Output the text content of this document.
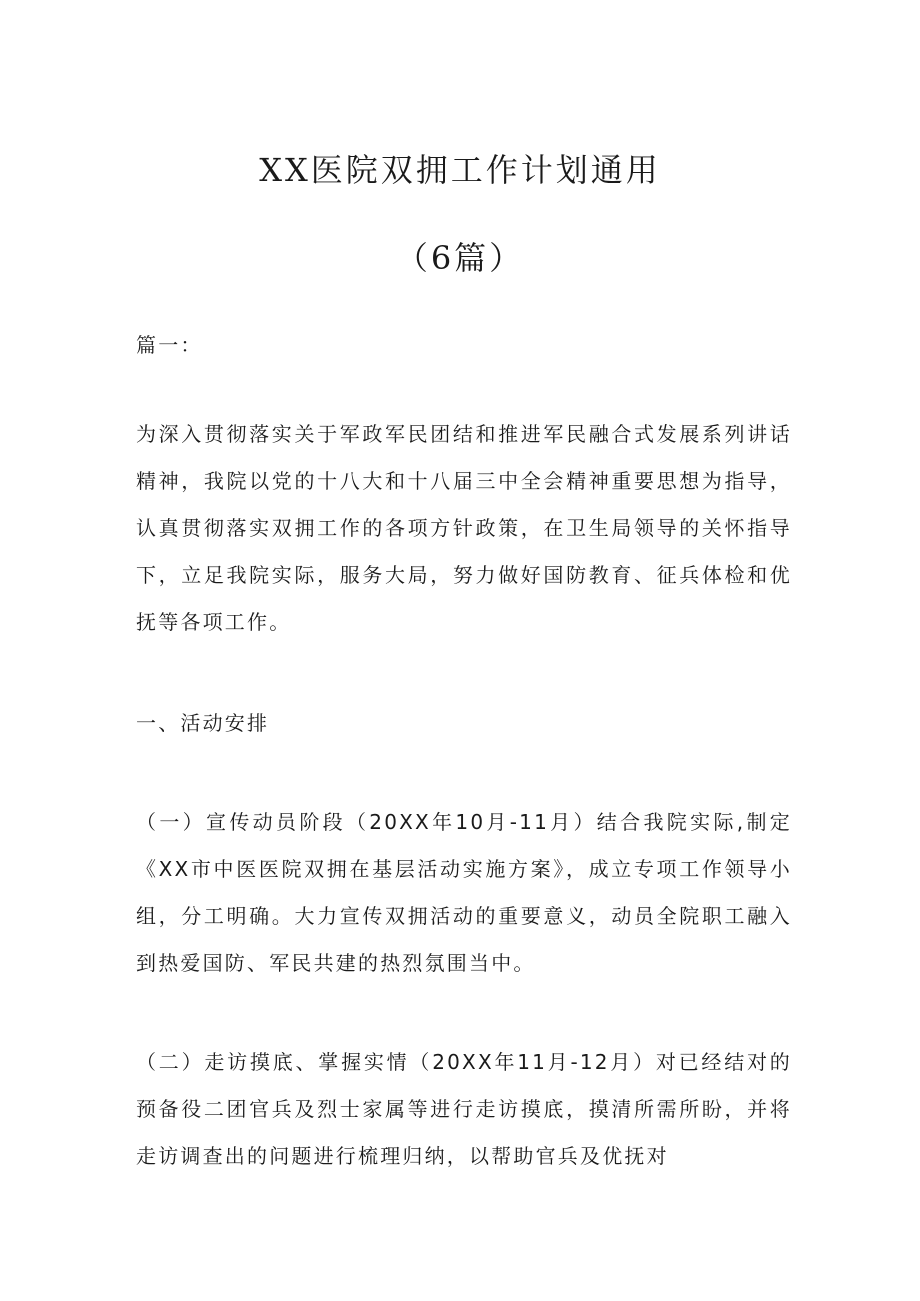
XX医院双拥工作计划通用
（6篇）

篇一：

为深入贯彻落实关于军政军民团结和推进军民融合式发展系列讲话精神，我院以党的十八大和十八届三中全会精神重要思想为指导，认真贯彻落实双拥工作的各项方针政策，在卫生局领导的关怀指导下，立足我院实际，服务大局，努力做好国防教育、征兵体检和优抚等各项工作。

一、活动安排

（一）宣传动员阶段（20XX年10月-11月）结合我院实际,制定《XX市中医医院双拥在基层活动实施方案》，成立专项工作领导小组，分工明确。大力宣传双拥活动的重要意义，动员全院职工融入到热爱国防、军民共建的热烈氛围当中。

（二）走访摸底、掌握实情（20XX年11月-12月）对已经结对的预备役二团官兵及烈士家属等进行走访摸底，摸清所需所盼，并将走访调查出的问题进行梳理归纳，以帮助官兵及优抚对
